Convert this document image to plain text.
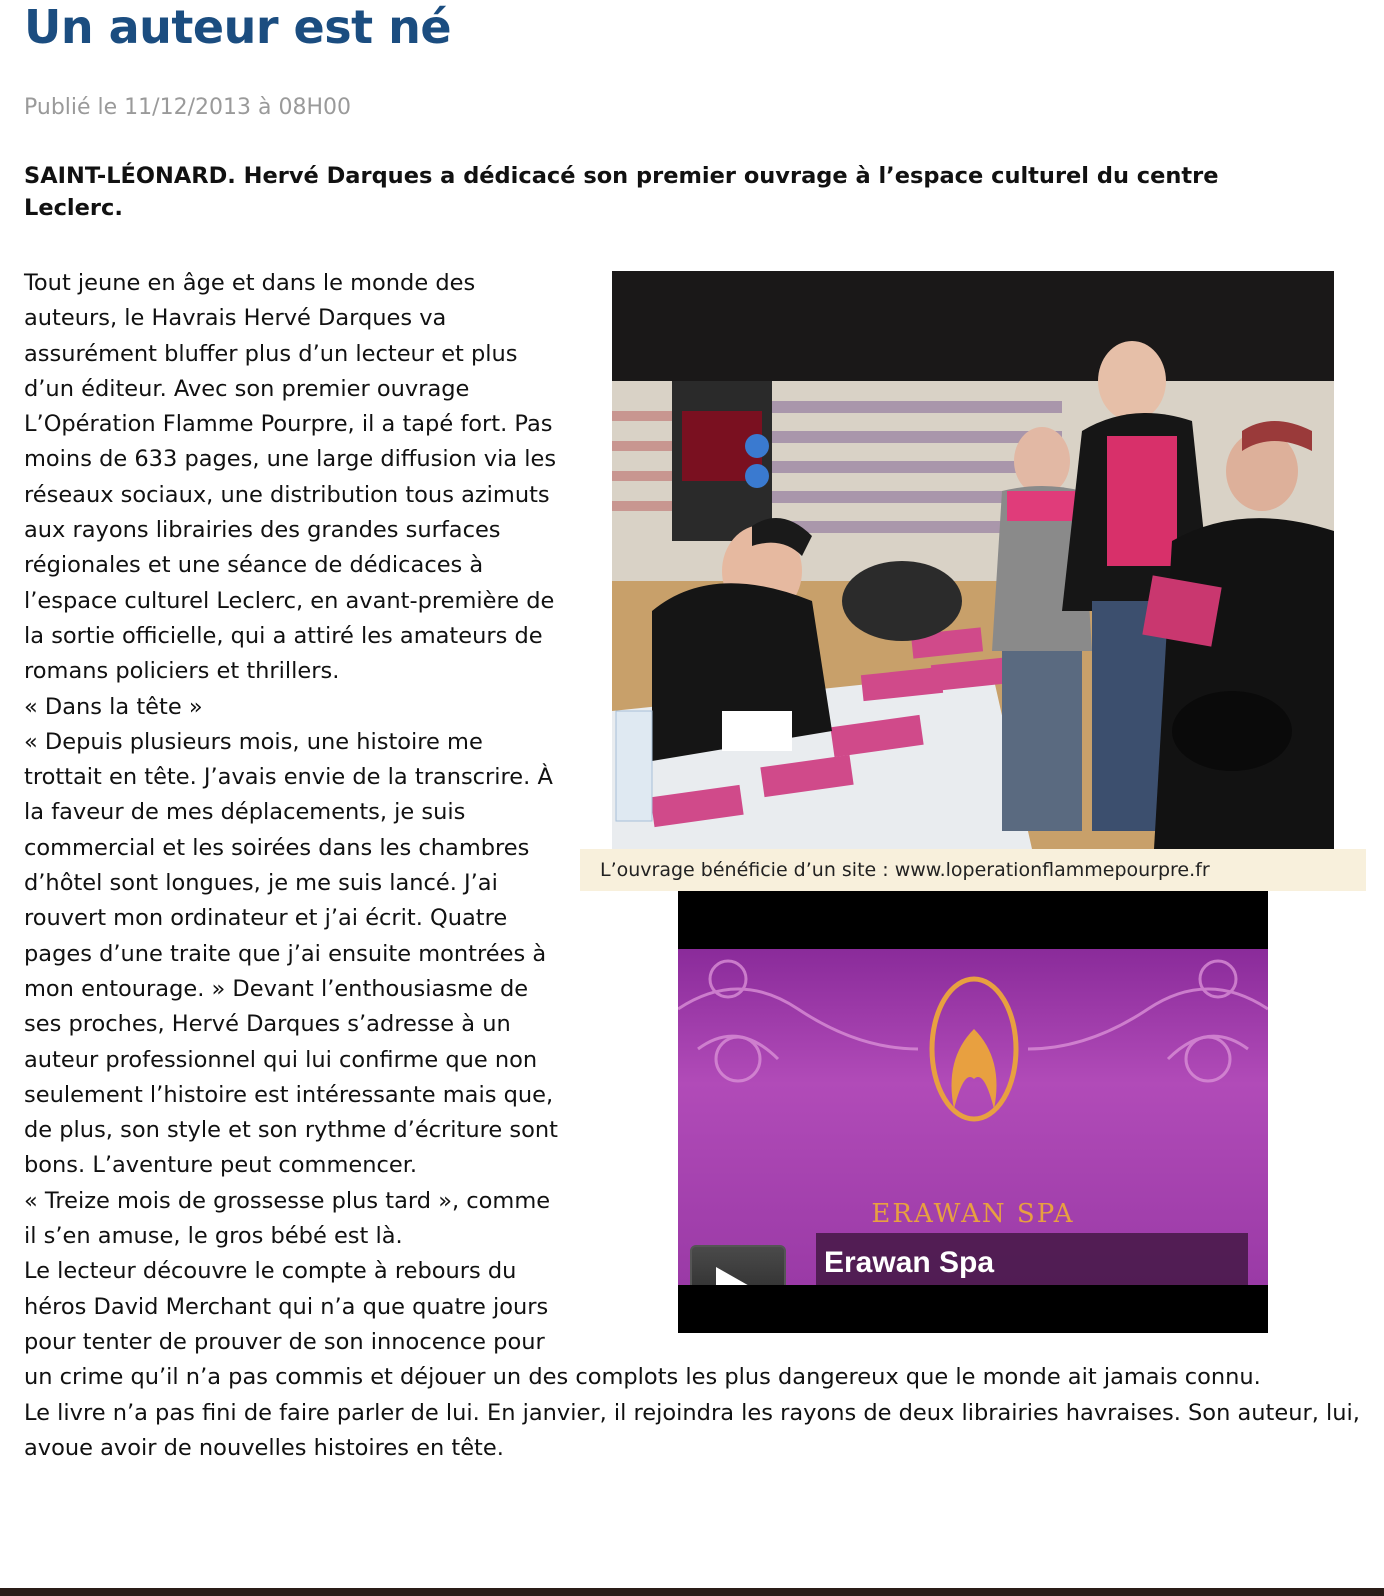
Un auteur est né
Publié le 11/12/2013 à 08H00
SAINT-LÉONARD. Hervé Darques a dédicacé son premier ouvrage à l’espace culturel du centre Leclerc.
L’ouvrage bénéficie d’un site : www.loperationflammepourpre.fr
ERAWAN SPA
Erawan Spa

Tout jeune en âge et dans le monde des auteurs, le Havrais Hervé Darques va assurément bluffer plus d’un lecteur et plus d’un éditeur. Avec son premier ouvrage L’Opération Flamme Pourpre, il a tapé fort. Pas moins de 633 pages, une large diffusion via les réseaux sociaux, une distribution tous azimuts aux rayons librairies des grandes surfaces régionales et une séance de dédicaces à l’espace culturel Leclerc, en avant-première de la sortie officielle, qui a attiré les amateurs de romans policiers et thrillers.

« Dans la tête »

« Depuis plusieurs mois, une histoire me trottait en tête. J’avais envie de la transcrire. À la faveur de mes déplacements, je suis commercial et les soirées dans les chambres d’hôtel sont longues, je me suis lancé. J’ai rouvert mon ordinateur et j’ai écrit. Quatre pages d’une traite que j’ai ensuite montrées à mon entourage. » Devant l’enthousiasme de ses proches, Hervé Darques s’adresse à un auteur professionnel qui lui confirme que non seulement l’histoire est intéressante mais que, de plus, son style et son rythme d’écriture sont bons. L’aventure peut commencer.

« Treize mois de grossesse plus tard », comme il s’en amuse, le gros bébé est là.

Le lecteur découvre le compte à rebours du héros David Merchant qui n’a que quatre jours pour tenter de prouver de son innocence pour un crime qu’il n’a pas commis et déjouer un des complots les plus dangereux que le monde ait jamais connu.

Le livre n’a pas fini de faire parler de lui. En janvier, il rejoindra les rayons de deux librairies havraises. Son auteur, lui, avoue avoir de nouvelles histoires en tête.
